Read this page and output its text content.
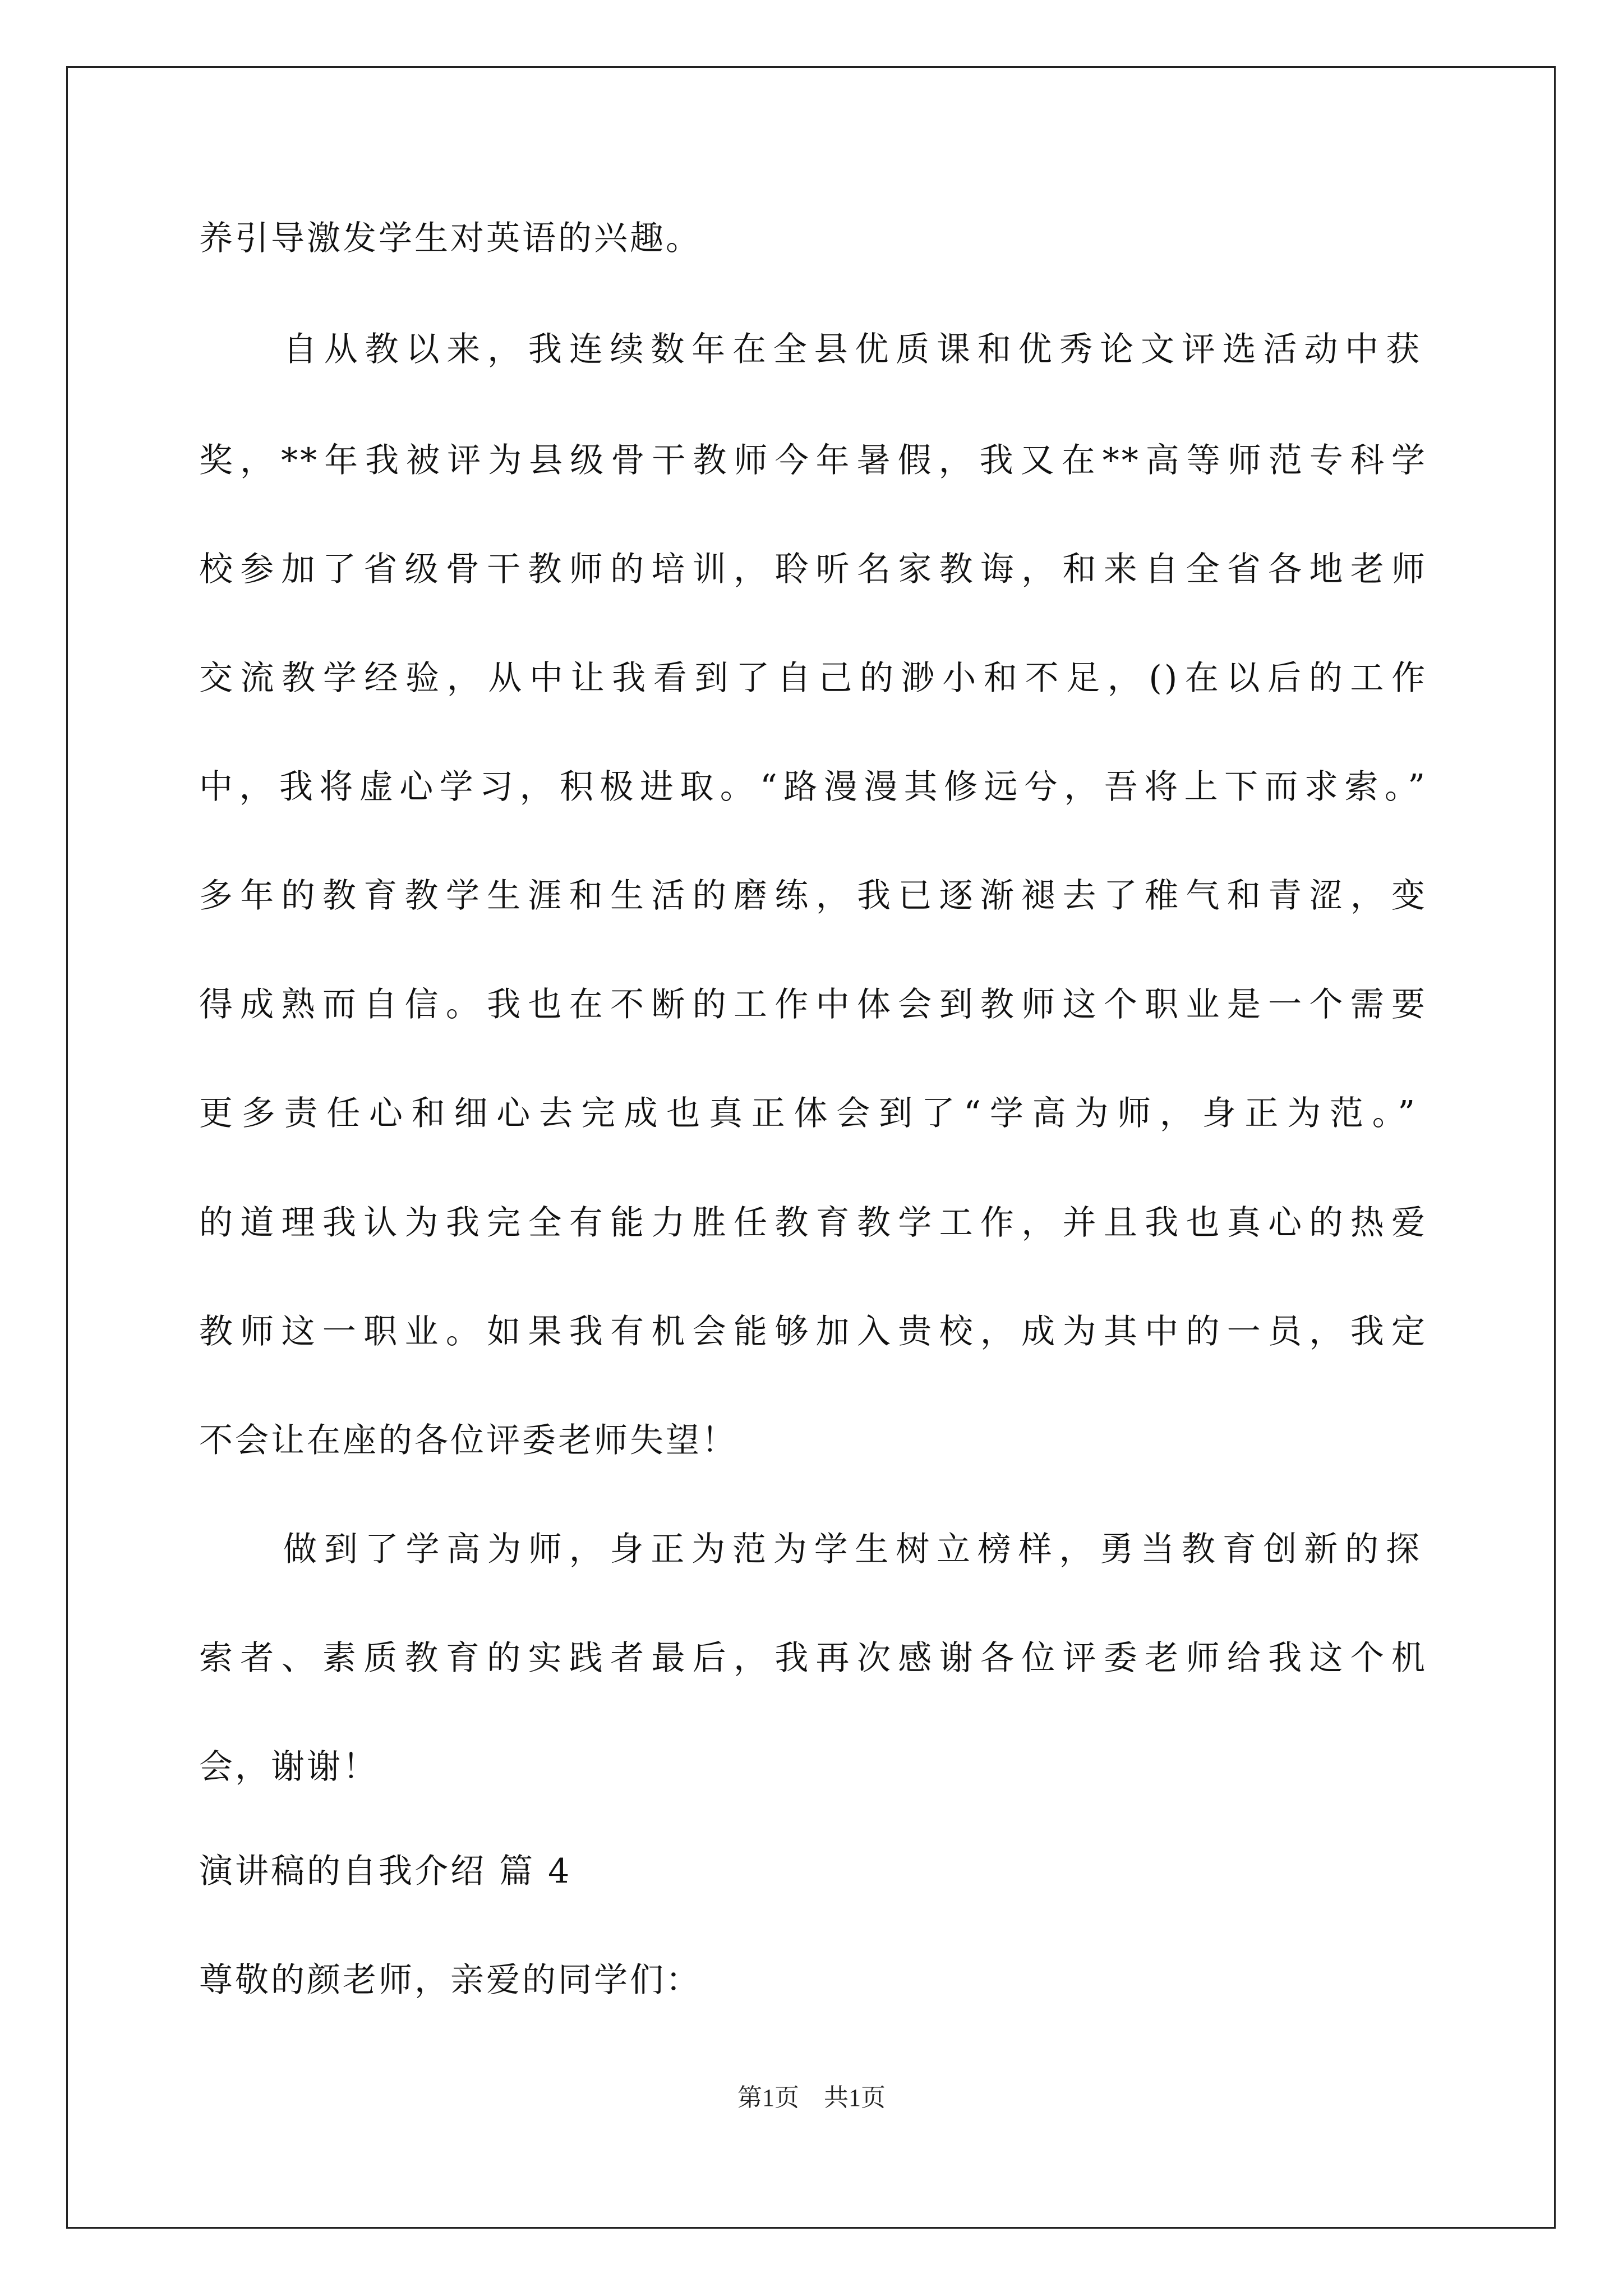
养引导激发学生对英语的兴趣。
自从教以来，我连续数年在全县优质课和优秀论文评选活动中获
奖，**年我被评为县级骨干教师今年暑假，我又在**高等师范专科学
校参加了省级骨干教师的培训，聆听名家教诲，和来自全省各地老师
交流教学经验，从中让我看到了自己的渺小和不足，()在以后的工作
中，我将虚心学习，积极进取。“路漫漫其修远兮，吾将上下而求索。”
多年的教育教学生涯和生活的磨练，我已逐渐褪去了稚气和青涩，变
得成熟而自信。我也在不断的工作中体会到教师这个职业是一个需要
更多责任心和细心去完成也真正体会到了“学高为师，身正为范。”
的道理我认为我完全有能力胜任教育教学工作，并且我也真心的热爱
教师这一职业。如果我有机会能够加入贵校，成为其中的一员，我定
不会让在座的各位评委老师失望！
做到了学高为师，身正为范为学生树立榜样，勇当教育创新的探
索者、素质教育的实践者最后，我再次感谢各位评委老师给我这个机
会，谢谢！
演讲稿的自我介绍 篇 4
尊敬的颜老师，亲爱的同学们：
第1页　共1页
